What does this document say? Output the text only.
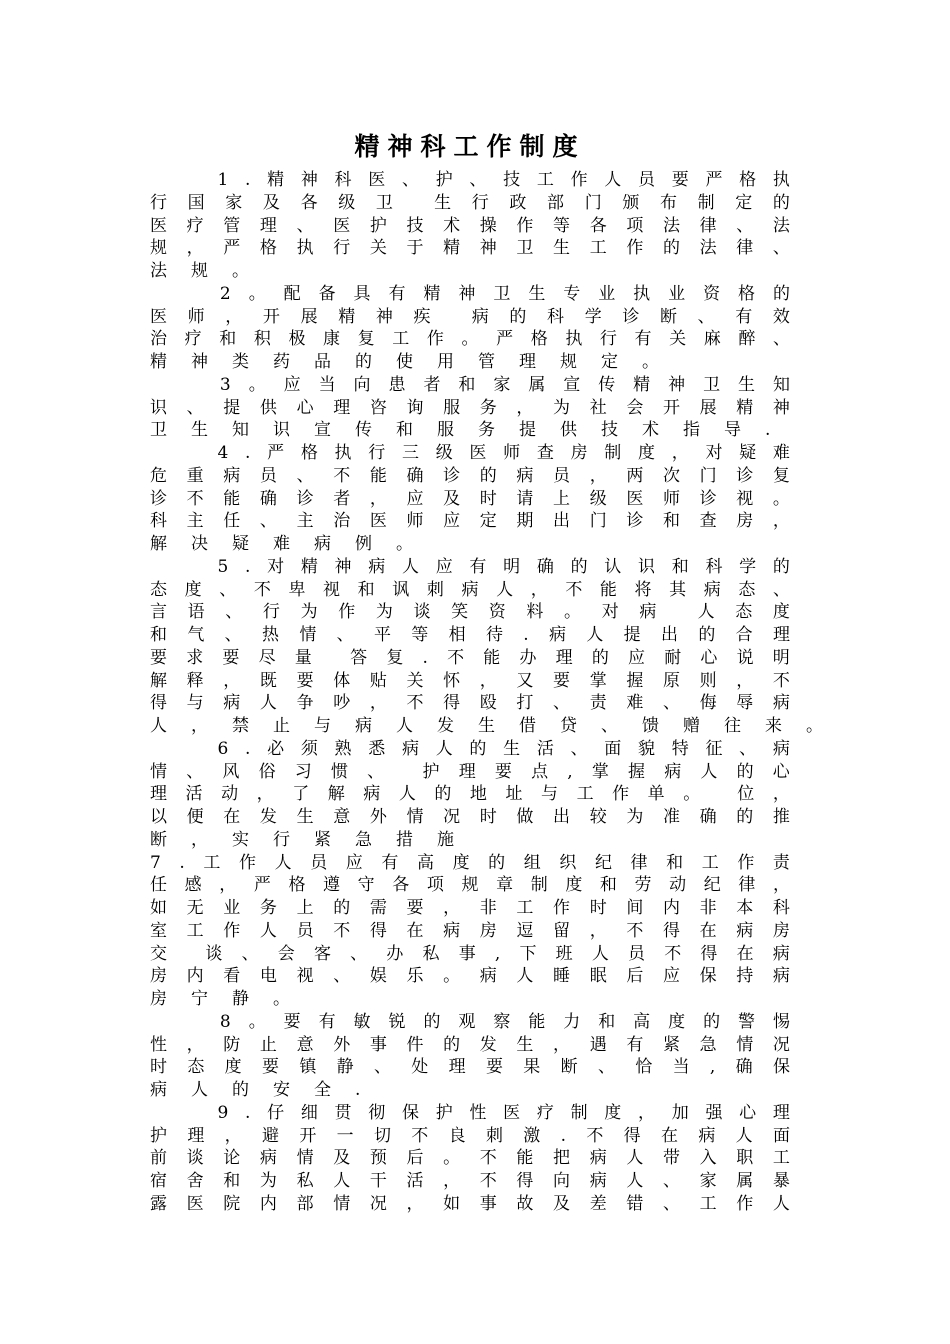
精神科工作制度

1 . 精 神 科 医 、 护 、 技 工 作 人 员 要 严 格 执
行 国 家 及 各 级 卫 生 行 政 部 门 颁 布 制 定 的
医 疗 管 理 、 医 护 技 术 操 作 等 各 项 法 律 、 法
规 ， 严 格 执 行 关 于 精 神 卫 生 工 作 的 法 律 、
法 规 。

2 。 配 备 具 有 精 神 卫 生 专 业 执 业 资 格 的
医 师 ， 开 展 精 神 疾 病 的 科 学 诊 断 、 有 效
治 疗 和 积 极 康 复 工 作 。 严 格 执 行 有 关 麻 醉 、
精 神 类 药 品 的 使 用 管 理 规 定 。

3 。 应 当 向 患 者 和 家 属 宣 传 精 神 卫 生 知
识 、 提 供 心 理 咨 询 服 务 ， 为 社 会 开 展 精 神
卫 生 知 识 宣 传 和 服 务 提 供 技 术 指 导 .

4 . 严 格 执 行 三 级 医 师 查 房 制 度 ， 对 疑 难
危 重 病 员 、 不 能 确 诊 的 病 员 ， 两 次 门 诊 复
诊 不 能 确 诊 者 ， 应 及 时 请 上 级 医 师 诊 视 。
科 主 任 、 主 治 医 师 应 定 期 出 门 诊 和 查 房 ，
解 决 疑 难 病 例 。

5 . 对 精 神 病 人 应 有 明 确 的 认 识 和 科 学 的
态 度 、 不 卑 视 和 讽 刺 病 人 ， 不 能 将 其 病 态 、
言 语 、 行 为 作 为 谈 笑 资 料 。 对 病 人 态 度
和 气 、 热 情 、 平 等 相 待 . 病 人 提 出 的 合 理
要 求 要 尽 量 答 复 . 不 能 办 理 的 应 耐 心 说 明
解 释 ， 既 要 体 贴 关 怀 ， 又 要 掌 握 原 则 ， 不
得 与 病 人 争 吵 ， 不 得 殴 打 、 责 难 、 侮 辱 病
人 ， 禁 止 与 病 人 发 生 借 贷 、 馈 赠 往 来 。

6 . 必 须 熟 悉 病 人 的 生 活 、 面 貌 特 征 、 病
情 、 风 俗 习 惯 、 护 理 要 点 , 掌 握 病 人 的 心
理 活 动 ， 了 解 病 人 的 地 址 与 工 作 单 。 位 ，
以 便 在 发 生 意 外 情 况 时 做 出 较 为 准 确 的 推
断 ， 实 行 紧 急 措 施
7 . 工 作 人 员 应 有 高 度 的 组 织 纪 律 和 工 作 责
任 感 ， 严 格 遵 守 各 项 规 章 制 度 和 劳 动 纪 律 ，
如 无 业 务 上 的 需 要 ， 非 工 作 时 间 内 非 本 科
室 工 作 人 员 不 得 在 病 房 逗 留 ， 不 得 在 病 房
交 谈 、 会 客 、 办 私 事 , 下 班 人 员 不 得 在 病
房 内 看 电 视 、 娱 乐 。 病 人 睡 眠 后 应 保 持 病
房 宁 静 。

8 。 要 有 敏 锐 的 观 察 能 力 和 高 度 的 警 惕
性 ， 防 止 意 外 事 件 的 发 生 ， 遇 有 紧 急 情 况
时 态 度 要 镇 静 、 处 理 要 果 断 、 恰 当 , 确 保
病 人 的 安 全 .

9 . 仔 细 贯 彻 保 护 性 医 疗 制 度 ， 加 强 心 理
护 理 ， 避 开 一 切 不 良 刺 激 . 不 得 在 病 人 面
前 谈 论 病 情 及 预 后 。 不 能 把 病 人 带 入 职 工
宿 舍 和 为 私 人 干 活 ， 不 得 向 病 人 、 家 属 暴
露 医 院 内 部 情 况 ， 如 事 故 及 差 错 、 工 作 人
